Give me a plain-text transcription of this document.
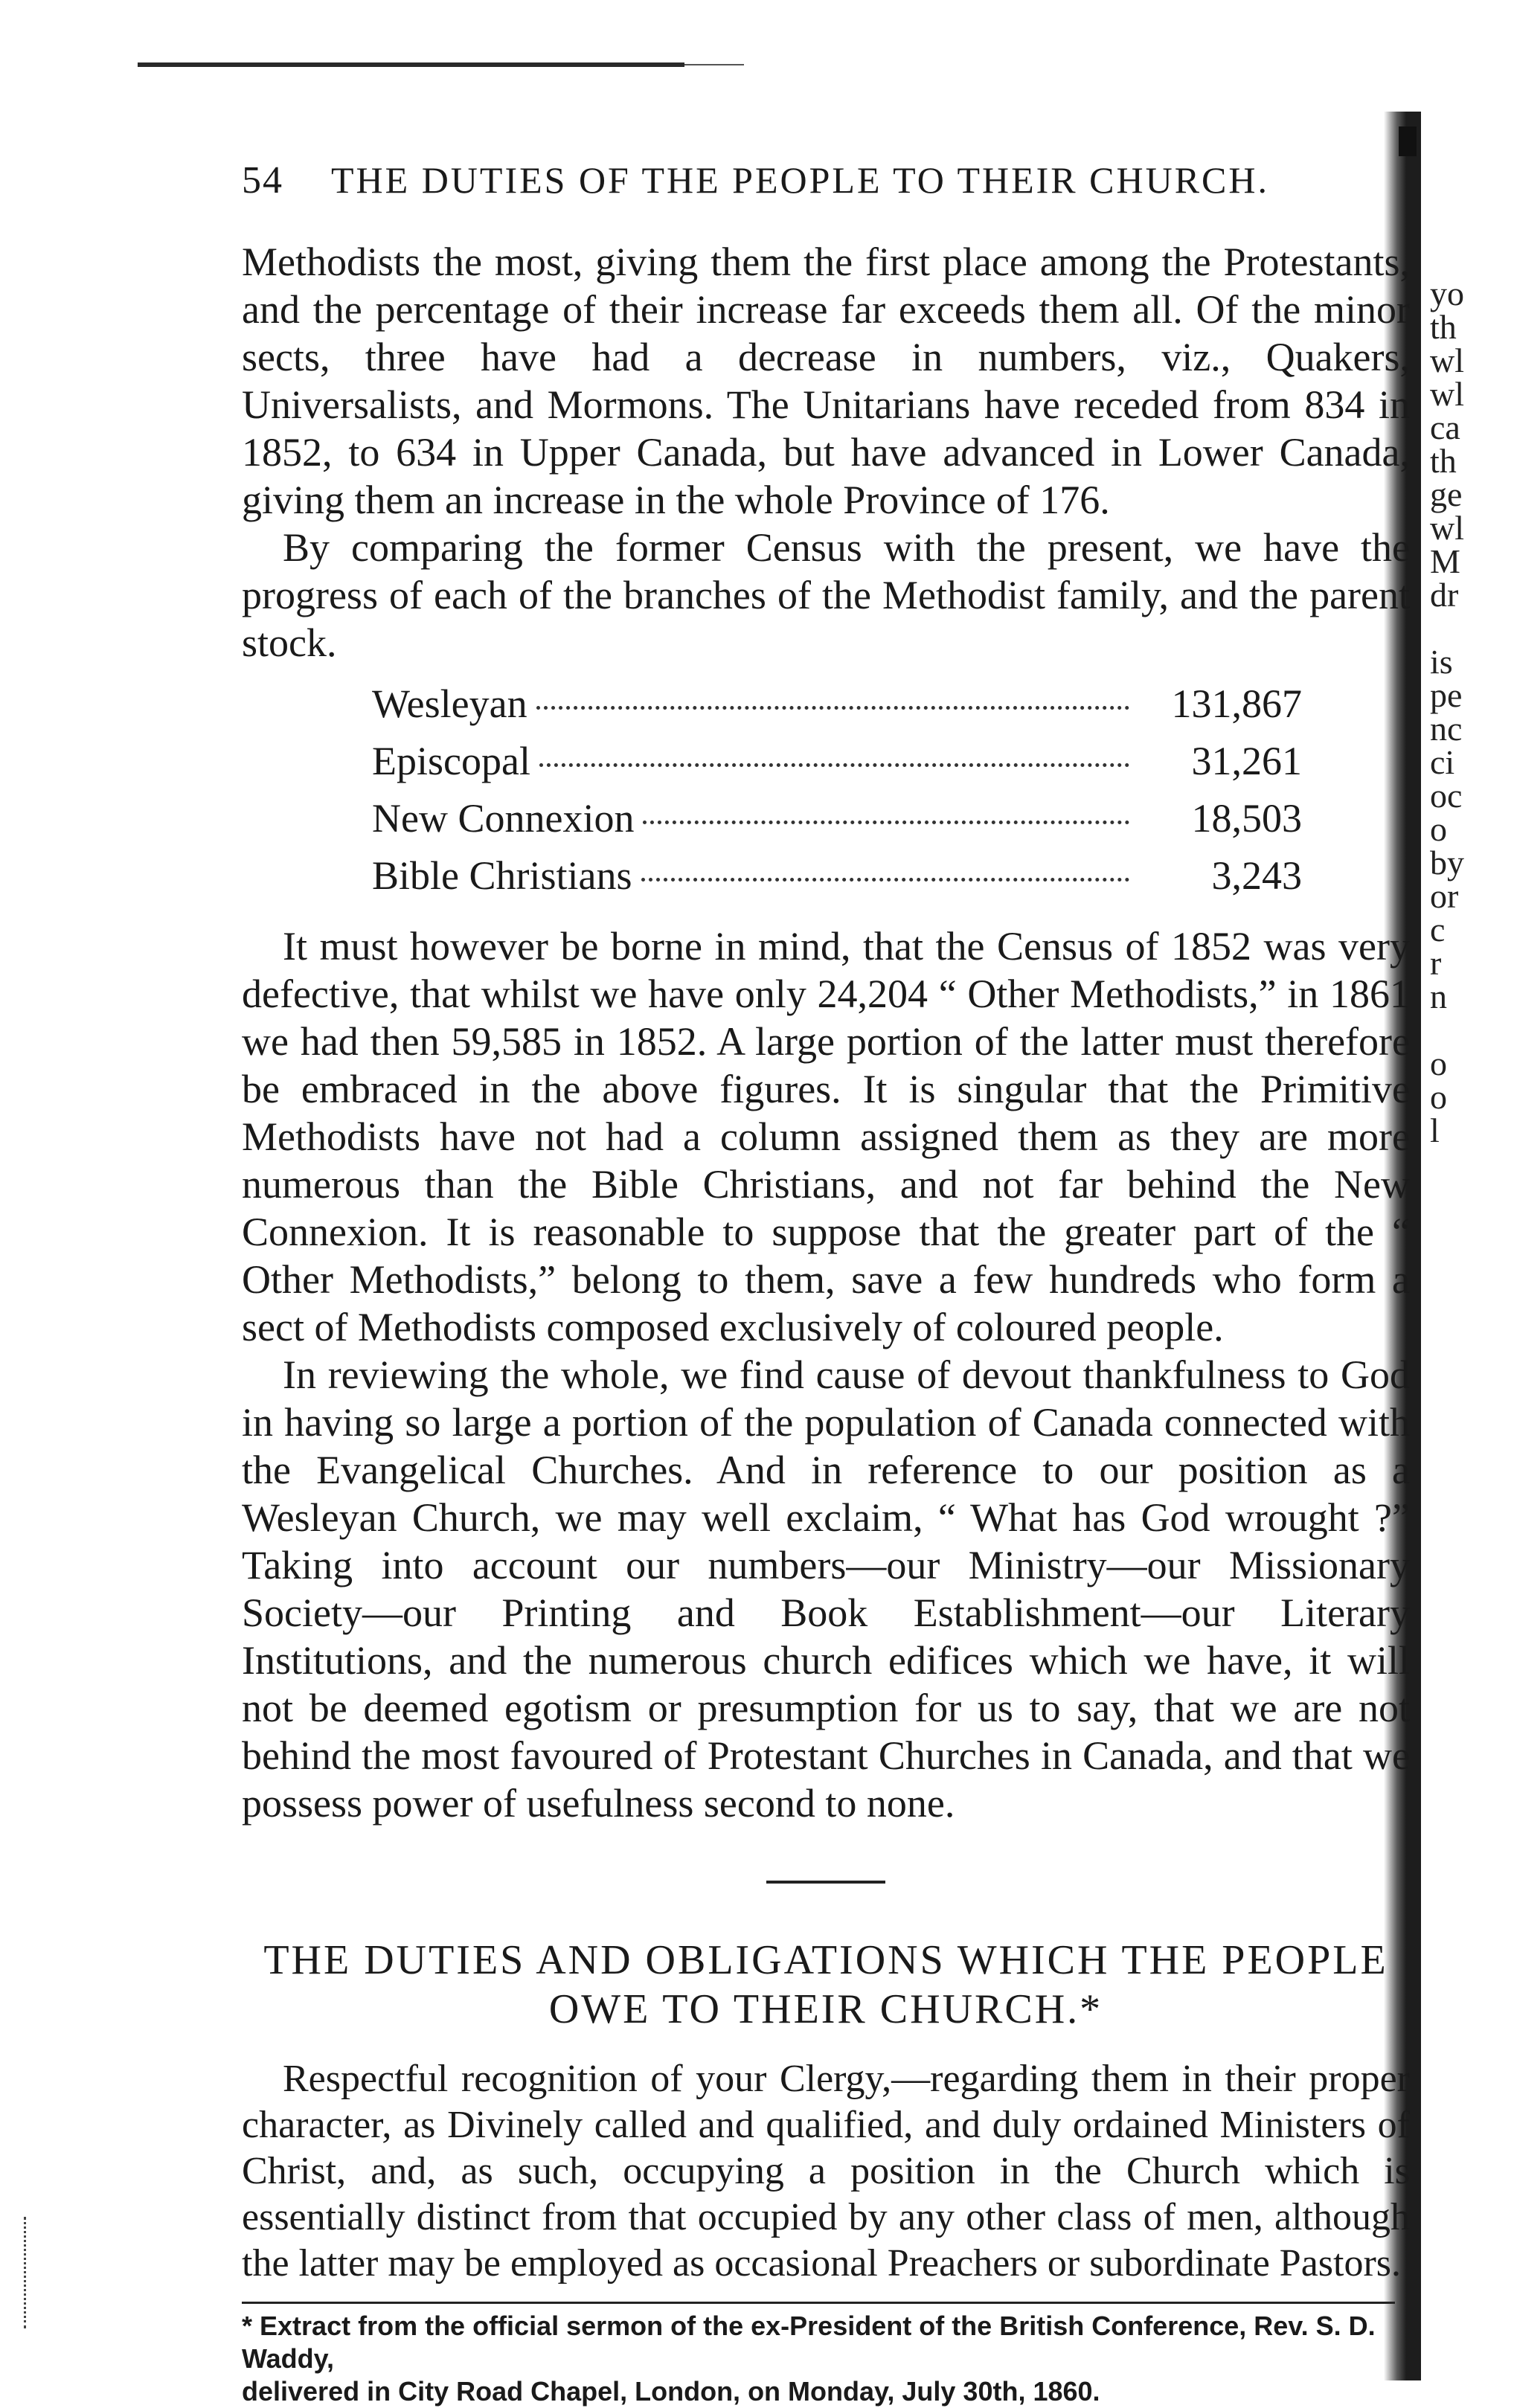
yo
th
wl
wl
ca
th
ge
wl
M
dr
is
pe
nc
ci
oc
o
by
or
c
r
n
o
o
l
54	THE DUTIES OF THE PEOPLE TO THEIR CHURCH.

Methodists the most, giving them the first place among the Protestants, and the percentage of their increase far exceeds them all. Of the minor sects, three have had a decrease in numbers, viz., Quakers, Universalists, and Mormons. The Unitarians have receded from 834 in 1852, to 634 in Upper Canada, but have advanced in Lower Canada, giving them an increase in the whole Province of 176.

By comparing the former Census with the present, we have the progress of each of the branches of the Methodist family, and the parent stock.

Wesleyan	131,867
Episcopal	31,261
New Connexion	18,503
Bible Christians	3,243

It must however be borne in mind, that the Census of 1852 was very defective, that whilst we have only 24,204 “ Other Methodists,” in 1861 we had then 59,585 in 1852. A large portion of the latter must therefore be embraced in the above figures. It is singular that the Primitive Methodists have not had a column assigned them as they are more numerous than the Bible Christians, and not far behind the New Connexion. It is reasonable to suppose that the greater part of the “ Other Methodists,” belong to them, save a few hundreds who form a sect of Methodists composed exclusively of coloured people.

In reviewing the whole, we find cause of devout thankfulness to God in having so large a portion of the population of Canada connected with the Evangelical Churches. And in reference to our position as a Wesleyan Church, we may well exclaim, “ What has God wrought ?” Taking into account our numbers—our Ministry—our Missionary Society—our Printing and Book Establishment—our Literary Institutions, and the numerous church edifices which we have, it will not be deemed egotism or presumption for us to say, that we are not behind the most favoured of Protestant Churches in Canada, and that we possess power of usefulness second to none.

THE DUTIES AND OBLIGATIONS WHICH THE PEOPLE
OWE TO THEIR CHURCH.*

Respectful recognition of your Clergy,—regarding them in their proper character, as Divinely called and qualified, and duly ordained Ministers of Christ, and, as such, occupying a position in the Church which is essentially distinct from that occupied by any other class of men, although the latter may be employed as occasional Preachers or subordinate Pastors.

* Extract from the official sermon of the ex-President of the British Conference, Rev. S. D. Waddy,
delivered in City Road Chapel, London, on Monday, July 30th, 1860.
